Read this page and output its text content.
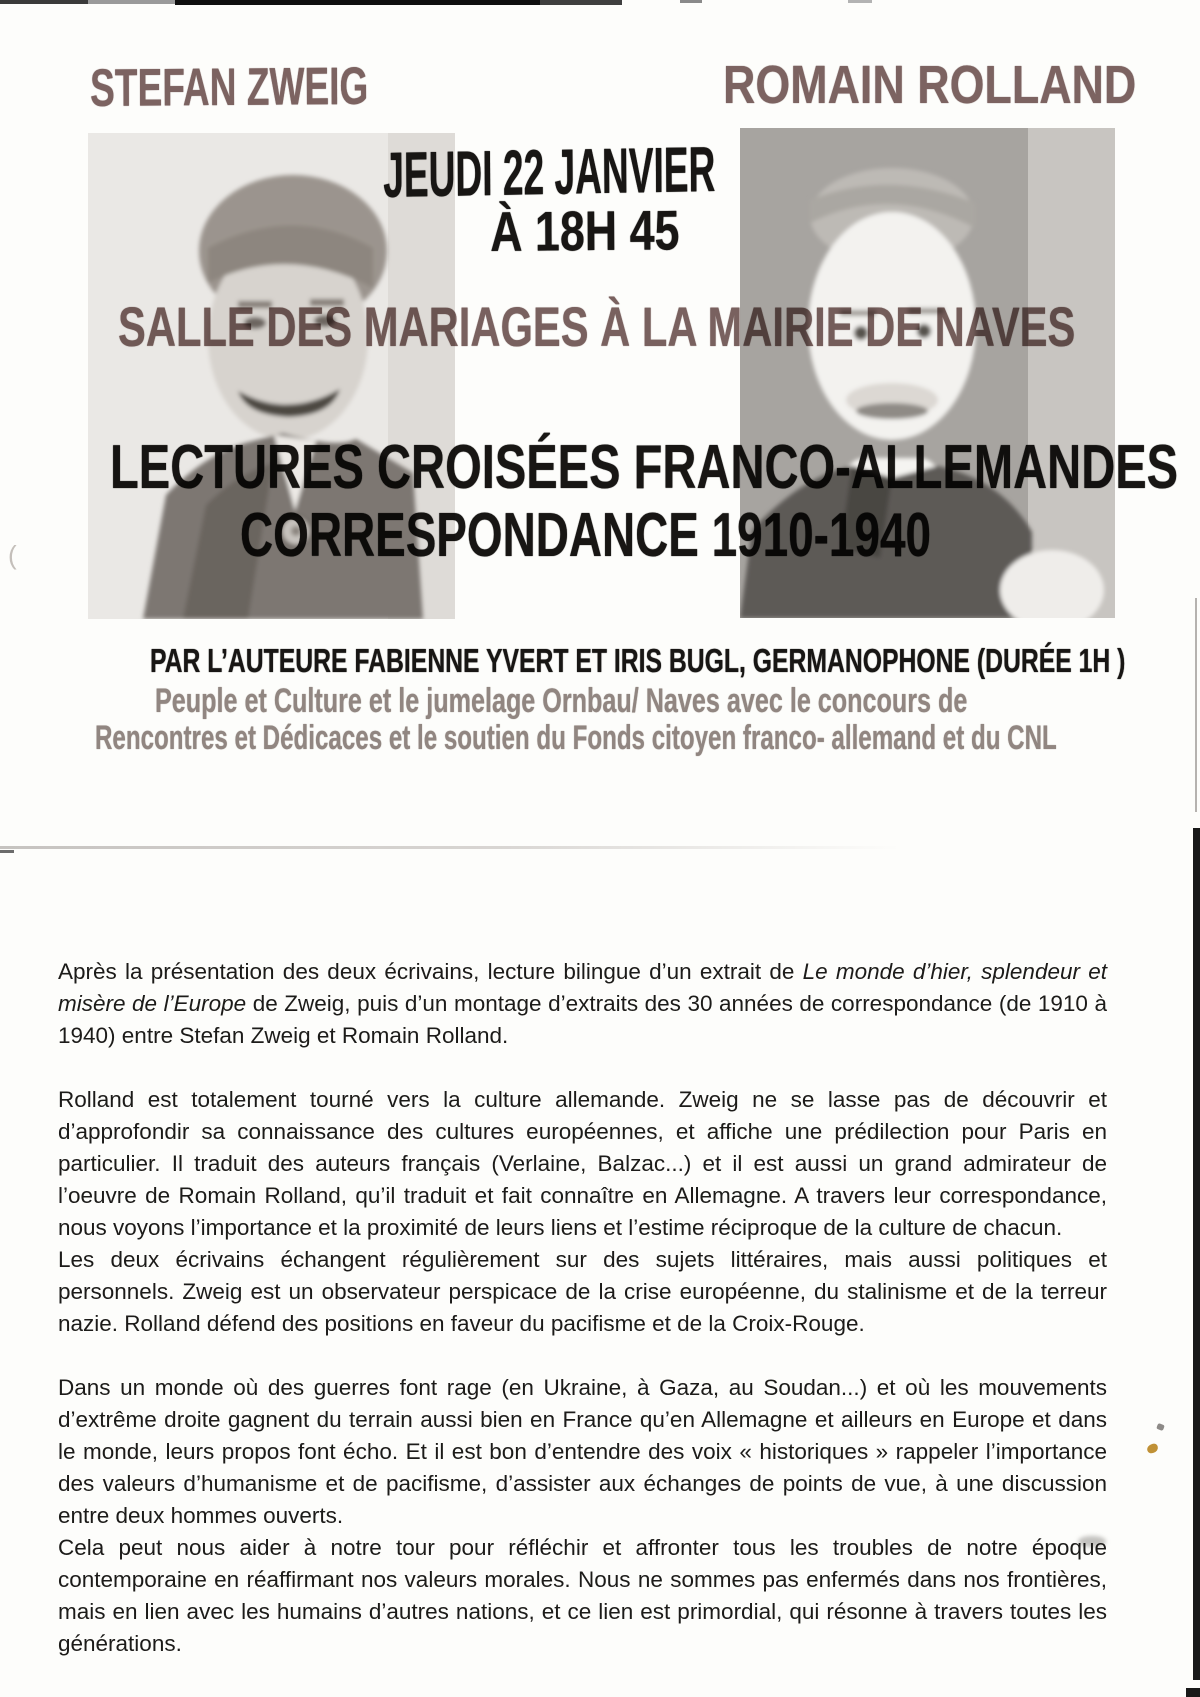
STEFAN ZWEIG	ROMAIN ROLLAND
JEUDI 22 JANVIER
À 18H 45
SALLE DES MARIAGES À LA MAIRIE DE NAVES
LECTURES CROISÉES FRANCO-ALLEMANDES
CORRESPONDANCE 1910-1940
PAR L’AUTEURE FABIENNE YVERT ET IRIS BUGL, GERMANOPHONE (DURÉE 1H )
Peuple et Culture et le jumelage Ornbau/ Naves avec le concours de
Rencontres et Dédicaces et le soutien du Fonds citoyen franco- allemand et du CNL
(

Après la présentation des deux écrivains, lecture bilingue d’un extrait de Le monde d’hier, splendeur et misère de l’Europe de Zweig, puis d’un montage d’extraits des 30 années de correspondance (de 1910 à 1940) entre Stefan Zweig et Romain Rolland.

Rolland est totalement tourné vers la culture allemande. Zweig ne se lasse pas de découvrir et d’approfondir sa connaissance des cultures européennes, et affiche une prédilection pour Paris en particulier. Il traduit des auteurs français (Verlaine, Balzac...) et il est aussi un grand admirateur de l’oeuvre de Romain Rolland, qu’il traduit et fait connaître en Allemagne. A travers leur correspondance, nous voyons l’importance et la proximité de leurs liens et l’estime réciproque de la culture de chacun.

Les deux écrivains échangent régulièrement sur des sujets littéraires, mais aussi politiques et personnels. Zweig est un observateur perspicace de la crise européenne, du stalinisme et de la terreur nazie. Rolland défend des positions en faveur du pacifisme et de la Croix-Rouge.

Dans un monde où des guerres font rage (en Ukraine, à Gaza, au Soudan...) et où les mouvements d’extrême droite gagnent du terrain aussi bien en France qu’en Allemagne et ailleurs en Europe et dans le monde, leurs propos font écho. Et il est bon d’entendre des voix « historiques » rappeler l’importance des valeurs d’humanisme et de pacifisme, d’assister aux échanges de points de vue, à une discussion entre deux hommes ouverts.

Cela peut nous aider à notre tour pour réfléchir et affronter tous les troubles de notre époque contemporaine en réaffirmant nos valeurs morales. Nous ne sommes pas enfermés dans nos frontières, mais en lien avec les humains d’autres nations, et ce lien est primordial, qui résonne à travers toutes les générations.
